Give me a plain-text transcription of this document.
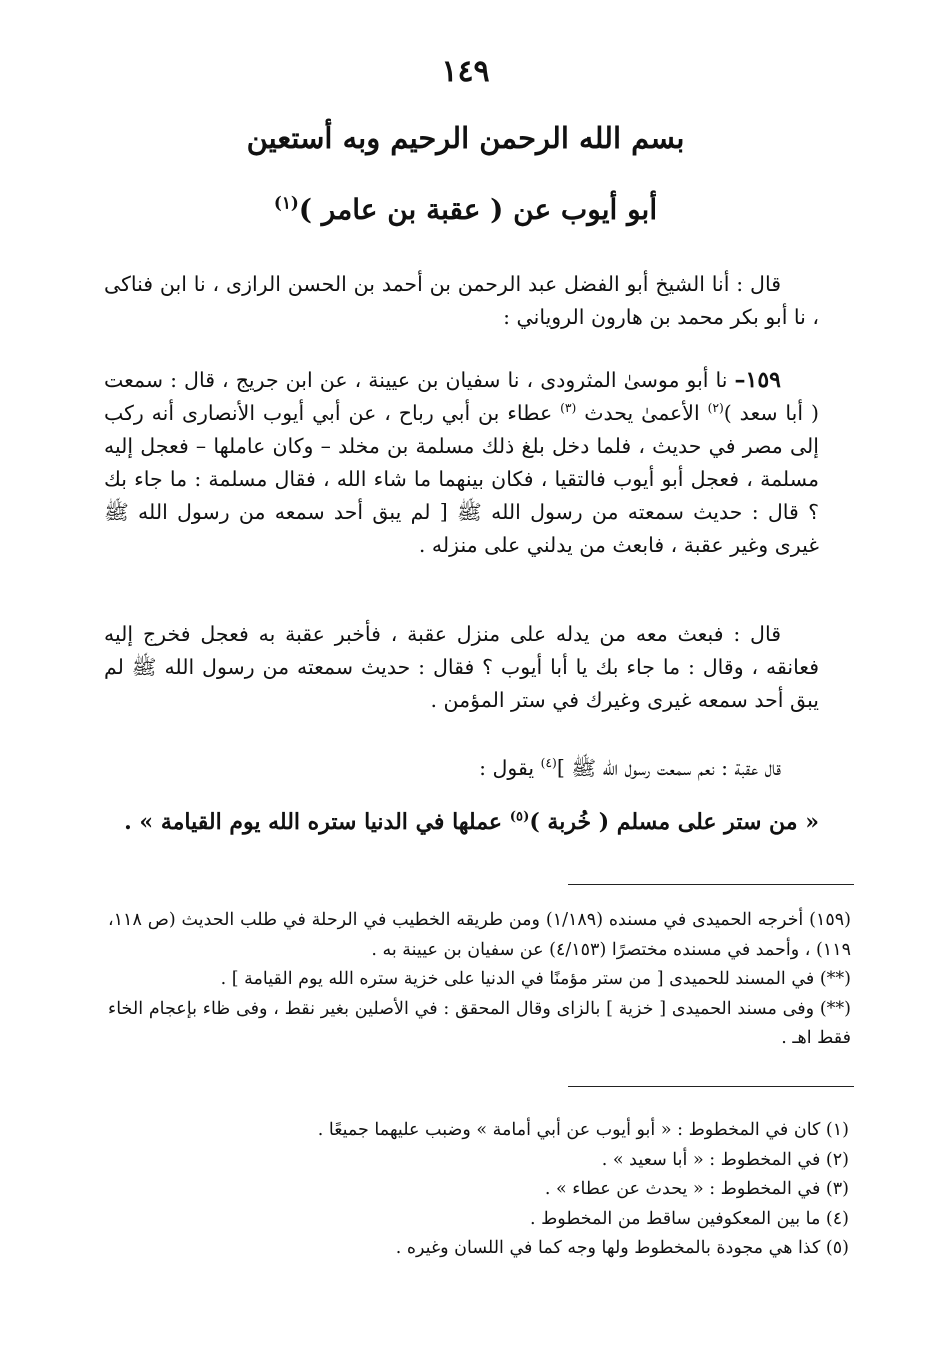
١٤٩
بسم الله الرحمن الرحيم وبه أستعين
أبو أيوب عن ( عقبة بن عامر )$^{(١)}$

قال : أنا الشيخ أبو الفضل عبد الرحمن بن أحمد بن الحسن الرازى ، نا ابن فناكى ، نا أبو بكر محمد بن هارون الروياني :

١٥٩– نا أبو موسىٰ المثرودى ، نا سفيان بن عيينة ، عن ابن جريج ، قال : سمعت ( أبا سعد )$^{(٢)}$ الأعمىٰ يحدث $^{(٣)}$ عطاء بن أبي رباح ، عن أبي أيوب الأنصارى أنه ركب إلى مصر في حديث ، فلما دخل بلغ ذلك مسلمة بن مخلد – وكان عاملها – فعجل إليه مسلمة ، فعجل أبو أيوب فالتقيا ، فكان بينهما ما شاء الله ، فقال مسلمة : ما جاء بك ؟ قال : حديث سمعته من رسول الله ﷺ [ لم يبق أحد سمعه من رسول الله ﷺ غيرى وغير عقبة ، فابعث من يدلني على منزله .

قال : فبعث معه من يدله على منزل عقبة ، فأخبر عقبة به فعجل فخرج إليه فعانقه ، وقال : ما جاء بك يا أبا أيوب ؟ فقال : حديث سمعته من رسول الله ﷺ لم يبق أحد سمعه غيرى وغيرك في ستر المؤمن .

قال عقبة : نعم سمعت رسول الله ﷺ ]$^{(٤)}$ يقول :

« من ستر على مسلم ( خُربة )$^{(٥)}$ عملها في الدنيا ستره الله يوم القيامة » .

(١٥٩) أخرجه الحميدى في مسنده (١/١٨٩) ومن طريقه الخطيب في الرحلة في طلب الحديث (ص ١١٨، ١١٩) ، وأحمد في مسنده مختصرًا (٤/١٥٣) عن سفيان بن عيينة به .

(**) في المسند للحميدى [ من ستر مؤمنًا في الدنيا على خزية ستره الله يوم القيامة ] .

(**) وفى مسند الحميدى [ خزية ] بالزاى وقال المحقق : في الأصلين بغير نقط ، وفى ظاء بإعجام الخاء فقط اهـ .

(١) كان في المخطوط : « أبو أيوب عن أبي أمامة » وضبب عليهما جميعًا .

(٢) في المخطوط : « أبا سعيد » .

(٣) في المخطوط : « يحدث عن عطاء » .

(٤) ما بين المعكوفين ساقط من المخطوط .

(٥) كذا هي مجودة بالمخطوط ولها وجه كما في اللسان وغيره .
